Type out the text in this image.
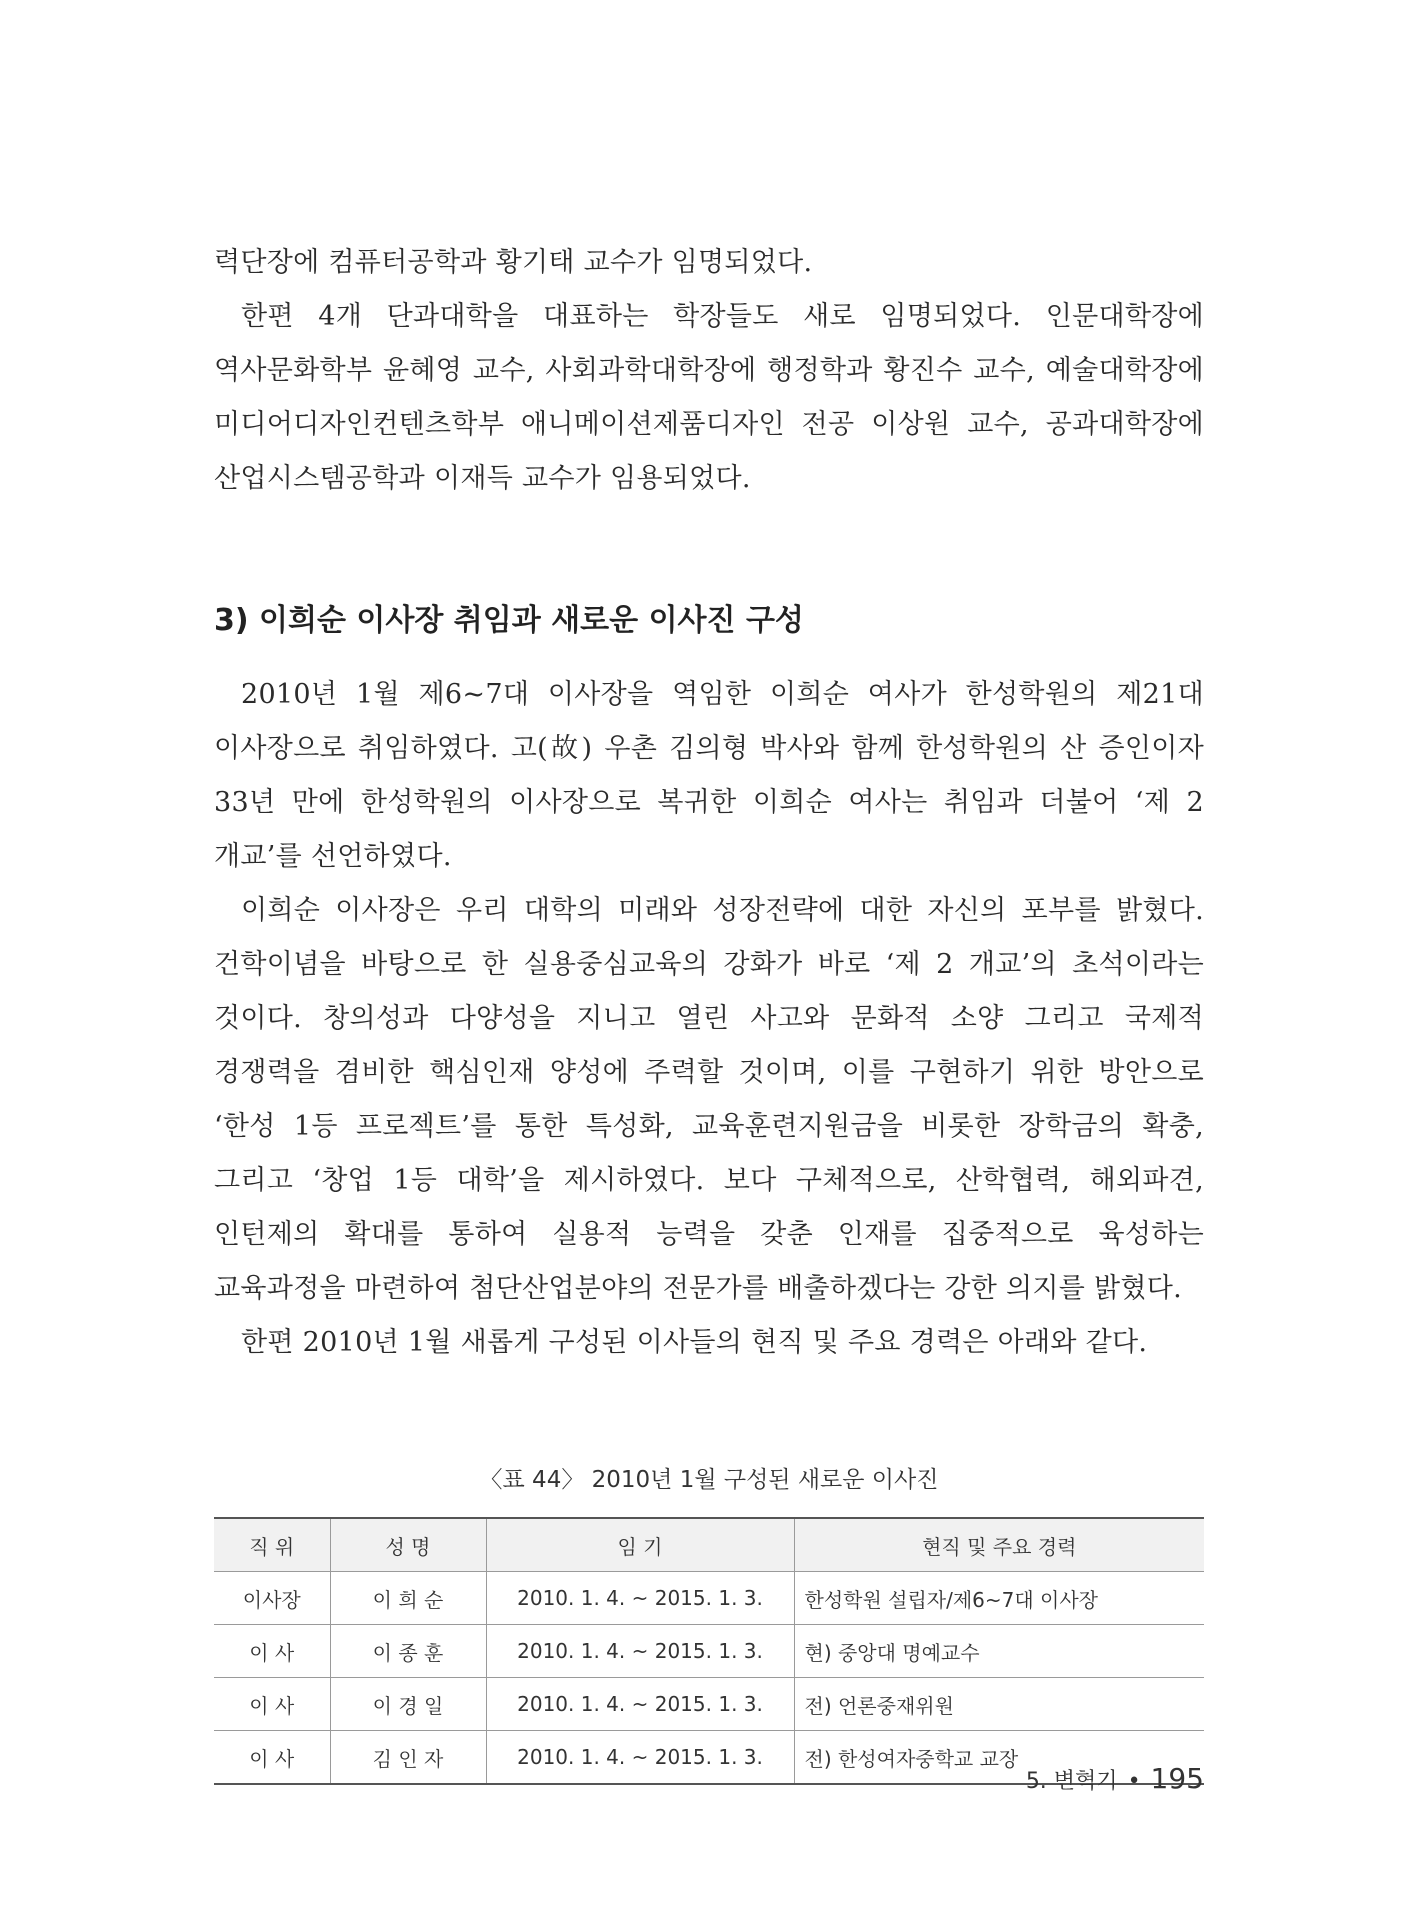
력단장에 컴퓨터공학과 황기태 교수가 임명되었다.

한편 4개 단과대학을 대표하는 학장들도 새로 임명되었다. 인문대학장에 역사문화학부 윤혜영 교수, 사회과학대학장에 행정학과 황진수 교수, 예술대학장에 미디어디자인컨텐츠학부 애니메이션제품디자인 전공 이상원 교수, 공과대학장에 산업시스템공학과 이재득 교수가 임용되었다.

3) 이희순 이사장 취임과 새로운 이사진 구성

2010년 1월 제6~7대 이사장을 역임한 이희순 여사가 한성학원의 제21대 이사장으로 취임하였다. 고(故) 우촌 김의형 박사와 함께 한성학원의 산 증인이자 33년 만에 한성학원의 이사장으로 복귀한 이희순 여사는 취임과 더불어 ‘제 2 개교’를 선언하였다.

이희순 이사장은 우리 대학의 미래와 성장전략에 대한 자신의 포부를 밝혔다. 건학이념을 바탕으로 한 실용중심교육의 강화가 바로 ‘제 2 개교’의 초석이라는 것이다. 창의성과 다양성을 지니고 열린 사고와 문화적 소양 그리고 국제적 경쟁력을 겸비한 핵심인재 양성에 주력할 것이며, 이를 구현하기 위한 방안으로 ‘한성 1등 프로젝트’를 통한 특성화, 교육훈련지원금을 비롯한 장학금의 확충, 그리고 ‘창업 1등 대학’을 제시하였다. 보다 구체적으로, 산학협력, 해외파견, 인턴제의 확대를 통하여 실용적 능력을 갖춘 인재를 집중적으로 육성하는 교육과정을 마련하여 첨단산업분야의 전문가를 배출하겠다는 강한 의지를 밝혔다.

한편 2010년 1월 새롭게 구성된 이사들의 현직 및 주요 경력은 아래와 같다.

〈표 44〉 2010년 1월 구성된 새로운 이사진
직 위	성 명	임 기	현직 및 주요 경력
이사장	이 희 순	2010. 1. 4. ~ 2015. 1. 3.	한성학원 설립자/제6~7대 이사장
이 사	이 종 훈	2010. 1. 4. ~ 2015. 1. 3.	현) 중앙대 명예교수
이 사	이 경 일	2010. 1. 4. ~ 2015. 1. 3.	전) 언론중재위원
이 사	김 인 자	2010. 1. 4. ~ 2015. 1. 3.	전) 한성여자중학교 교장
5. 변혁기 • 195
